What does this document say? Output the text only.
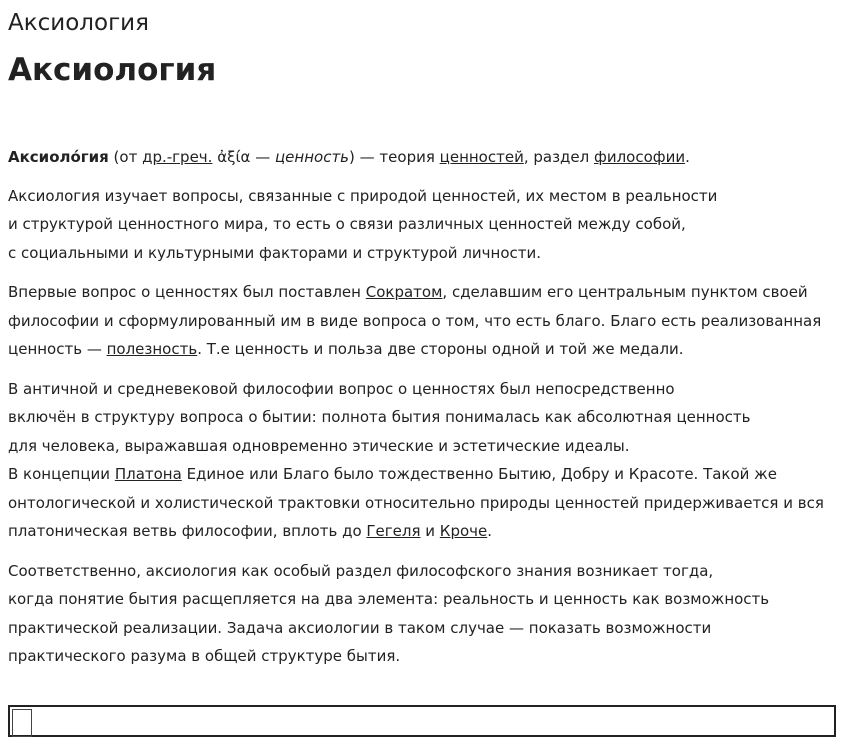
Аксиология
Аксиология

Аксиоло́гия (от др.-греч. ἀξία — ценность) — теория ценностей, раздел философии.

Аксиология изучает вопросы, связанные с природой ценностей, их местом в реальности
и структурой ценностного мира, то есть о связи различных ценностей между собой,
с социальными и культурными факторами и структурой личности.

Впервые вопрос о ценностях был поставлен Сократом, сделавшим его центральным пунктом своей философии и сформулированный им в виде вопроса о том, что есть благо. Благо есть реализованная ценность — полезность. Т.е ценность и польза две стороны одной и той же медали.

В античной и средневековой философии вопрос о ценностях был непосредственно
включён в структуру вопроса о бытии: полнота бытия понималась как абсолютная ценность
для человека, выражавшая одновременно этические и эстетические идеалы.
В концепции Платона Единое или Благо было тождественно Бытию, Добру и Красоте. Такой же онтологической и холистической трактовки относительно природы ценностей придерживается и вся платоническая ветвь философии, вплоть до Гегеля и Кроче.

Соответственно, аксиология как особый раздел философского знания возникает тогда,
когда понятие бытия расщепляется на два элемента: реальность и ценность как возможность
практической реализации. Задача аксиологии в таком случае — показать возможности
практического разума в общей структуре бытия.
